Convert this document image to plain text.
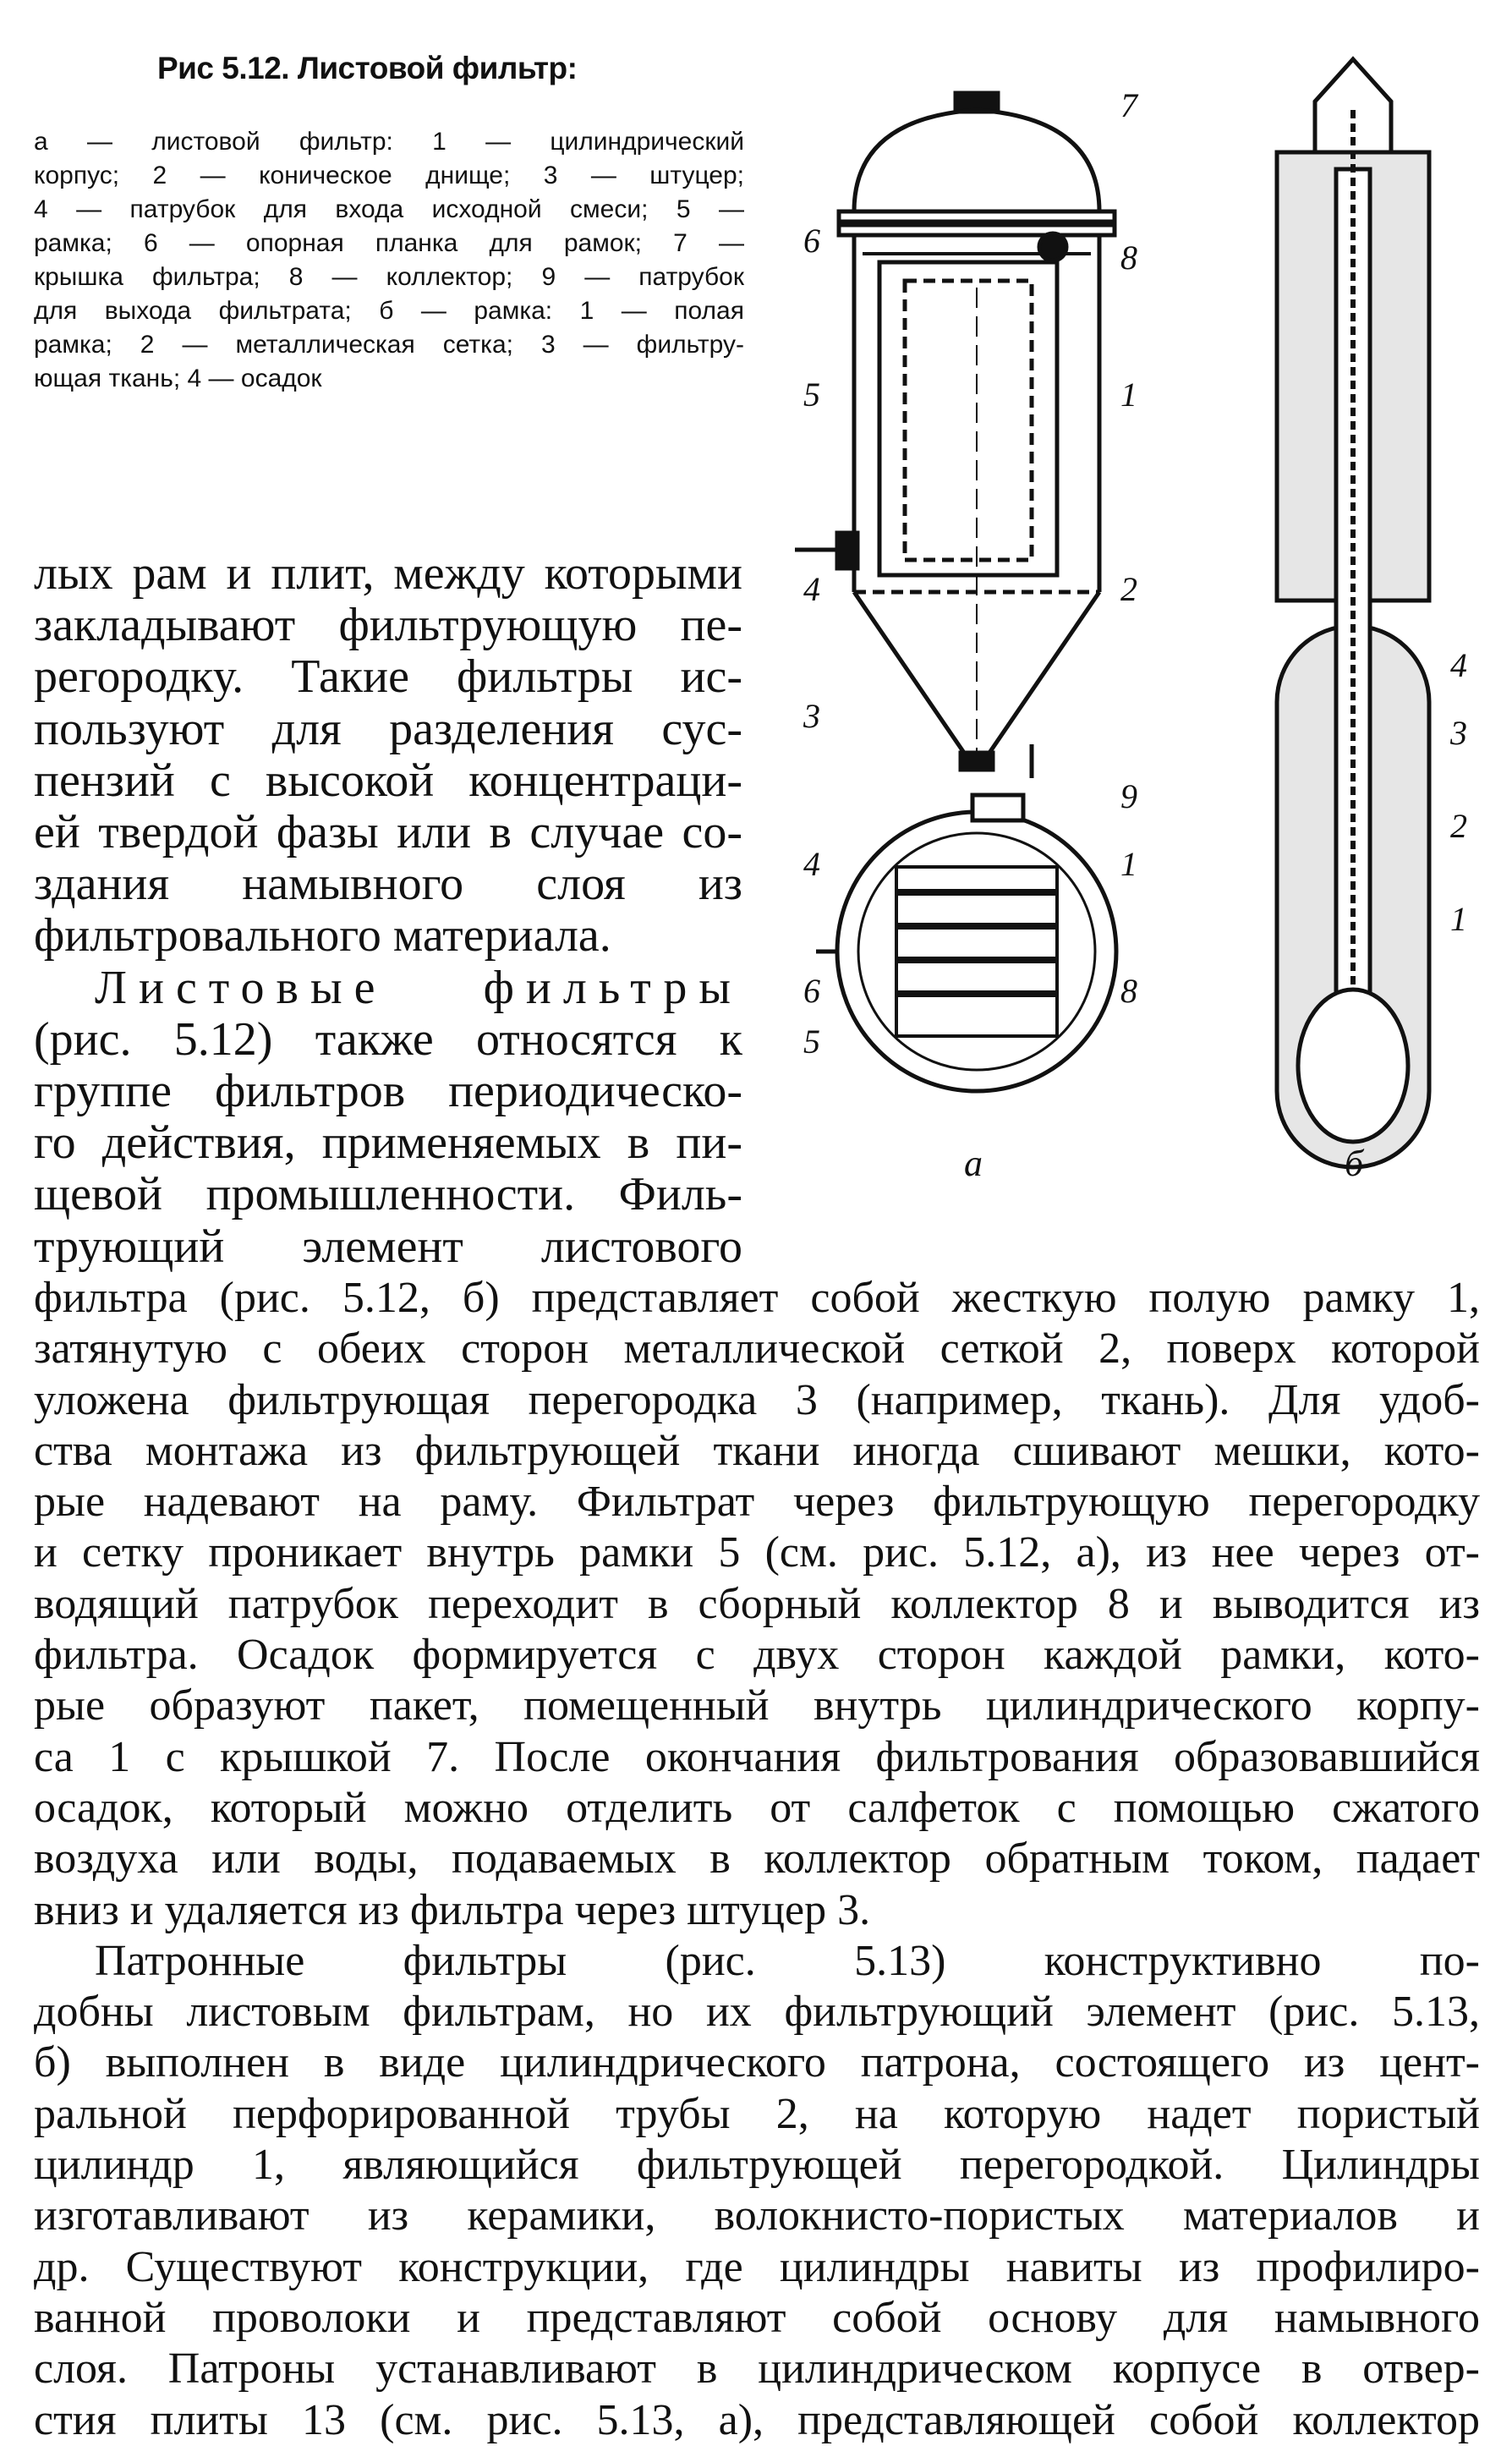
Рис 5.12. Листовой фильтр:
а — листовой фильтр: 1 — цилиндрический
корпус; 2 — коническое днище; 3 — штуцер;
4 — патрубок для входа исходной смеси; 5 —
рамка; 6 — опорная планка для рамок; 7 —
крышка фильтра; 8 — коллектор; 9 — патрубок
для выхода фильтрата; б — рамка: 1 — полая
рамка; 2 — металлическая сетка; 3 — фильтру-
ющая ткань; 4 — осадок
7
6	8
5	1
4	2
3
9
4	1
6	8
5
4
3
2
1
а	б
лых рам и плит, между которыми
закладывают фильтрующую пе-
регородку. Такие фильтры ис-
пользуют для разделения сус-
пензий с высокой концентраци-
ей твердой фазы или в случае со-
здания намывного слоя из
фильтровального материала.
Листовые фильтры
(рис. 5.12) также относятся к
группе фильтров периодическо-
го действия, применяемых в пи-
щевой промышленности. Филь-
трующий элемент листового
фильтра (рис. 5.12, б) представляет собой жесткую полую рамку 1,
затянутую с обеих сторон металлической сеткой 2, поверх которой
уложена фильтрующая перегородка 3 (например, ткань). Для удоб-
ства монтажа из фильтрующей ткани иногда сшивают мешки, кото-
рые надевают на раму. Фильтрат через фильтрующую перегородку
и сетку проникает внутрь рамки 5 (см. рис. 5.12, а), из нее через от-
водящий патрубок переходит в сборный коллектор 8 и выводится из
фильтра. Осадок формируется с двух сторон каждой рамки, кото-
рые образуют пакет, помещенный внутрь цилиндрического корпу-
са 1 с крышкой 7. После окончания фильтрования образовавшийся
осадок, который можно отделить от салфеток с помощью сжатого
воздуха или воды, подаваемых в коллектор обратным током, падает
вниз и удаляется из фильтра через штуцер 3.
Патронные фильтры (рис. 5.13) конструктивно по-
добны листовым фильтрам, но их фильтрующий элемент (рис. 5.13,
б) выполнен в виде цилиндрического патрона, состоящего из цент-
ральной перфорированной трубы 2, на которую надет пористый
цилиндр 1, являющийся фильтрующей перегородкой. Цилиндры
изготавливают из керамики, волокнисто-пористых материалов и
др. Существуют конструкции, где цилиндры навиты из профилиро-
ванной проволоки и представляют собой основу для намывного
слоя. Патроны устанавливают в цилиндрическом корпусе в отвер-
стия плиты 13 (см. рис. 5.13, а), представляющей собой коллектор
